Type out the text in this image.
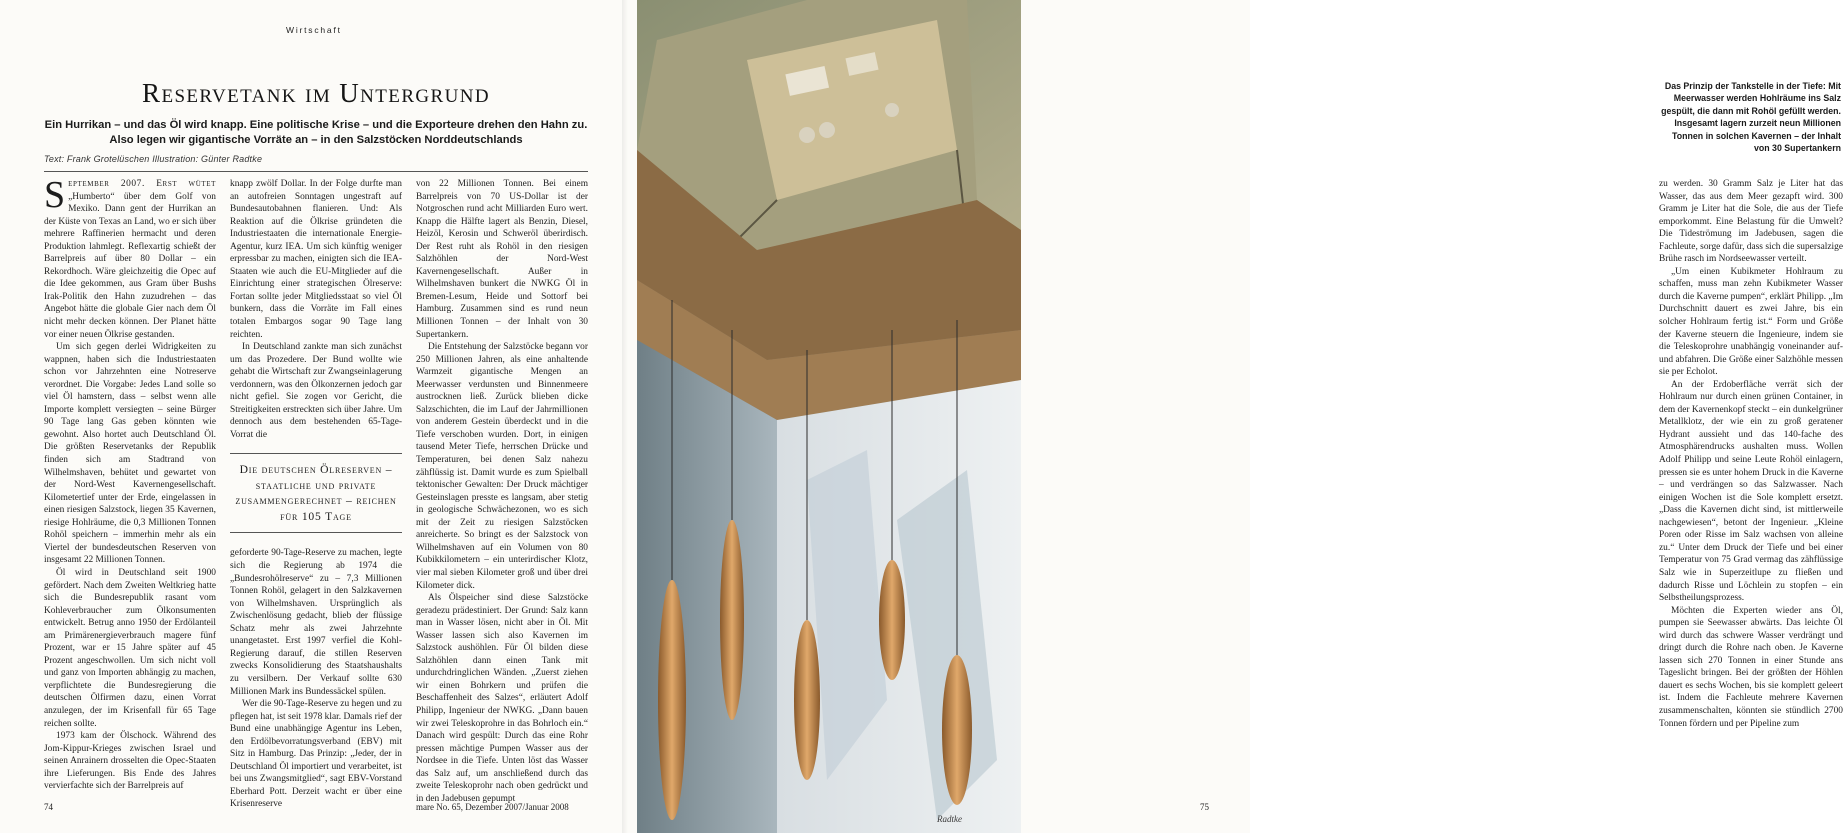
Wirtschaft
Reservetank im Untergrund
Ein Hurrikan – und das Öl wird knapp. Eine politische Krise – und die Exporteure drehen den Hahn zu. Also legen wir gigantische Vorräte an – in den Salzstöcken Norddeutschlands
Text: Frank Grotelüschen Illustration: Günter Radtke

September 2007. Erst wütet „Humberto“ über dem Golf von Mexiko. Dann gent der Hurrikan an der Küste von Texas an Land, wo er sich über mehrere Raffinerien hermacht und deren Produktion lahmlegt. Reflexartig schießt der Barrelpreis auf über 80 Dollar – ein Rekordhoch. Wäre gleichzeitig die Opec auf die Idee gekommen, aus Gram über Bushs Irak-Politik den Hahn zuzudrehen – das Angebot hätte die globale Gier nach dem Öl nicht mehr decken können. Der Planet hätte vor einer neuen Ölkrise gestanden.

Um sich gegen derlei Widrigkeiten zu wappnen, haben sich die Industriestaaten schon vor Jahrzehnten eine Notreserve verordnet. Die Vorgabe: Jedes Land solle so viel Öl hamstern, dass – selbst wenn alle Importe komplett versiegten – seine Bürger 90 Tage lang Gas geben könnten wie gewohnt. Also hortet auch Deutschland Öl. Die größten Reservetanks der Republik finden sich am Stadtrand von Wilhelmshaven, behütet und gewartet von der Nord-West Kavernengesellschaft. Kilometertief unter der Erde, eingelassen in einen riesigen Salzstock, liegen 35 Kavernen, riesige Hohlräume, die 0,3 Millionen Tonnen Rohöl speichern – immerhin mehr als ein Viertel der bundesdeutschen Reserven von insgesamt 22 Millionen Tonnen.

Öl wird in Deutschland seit 1900 gefördert. Nach dem Zweiten Weltkrieg hatte sich die Bundesrepublik rasant vom Kohleverbraucher zum Ölkonsumenten entwickelt. Betrug anno 1950 der Erdölanteil am Primärenergieverbrauch magere fünf Prozent, war er 15 Jahre später auf 45 Prozent angeschwollen. Um sich nicht voll und ganz von Importen abhängig zu machen, verpflichtete die Bundesregierung die deutschen Ölfirmen dazu, einen Vorrat anzulegen, der im Krisenfall für 65 Tage reichen sollte.

1973 kam der Ölschock. Während des Jom-Kippur-Krieges zwischen Israel und seinen Anrainern drosselten die Opec-Staaten ihre Lieferungen. Bis Ende des Jahres vervierfachte sich der Barrelpreis auf

knapp zwölf Dollar. In der Folge durfte man an autofreien Sonntagen ungestraft auf Bundesautobahnen flanieren. Und: Als Reaktion auf die Ölkrise gründeten die Industriestaaten die internationale Energie-Agentur, kurz IEA. Um sich künftig weniger erpressbar zu machen, einigten sich die IEA-Staaten wie auch die EU-Mitglieder auf die Einrichtung einer strategischen Ölreserve: Fortan sollte jeder Mitgliedsstaat so viel Öl bunkern, dass die Vorräte im Fall eines totalen Embargos sogar 90 Tage lang reichten.

In Deutschland zankte man sich zunächst um das Prozedere. Der Bund wollte wie gehabt die Wirtschaft zur Zwangseinlagerung verdonnern, was den Ölkonzernen jedoch gar nicht gefiel. Sie zogen vor Gericht, die Streitigkeiten erstreckten sich über Jahre. Um dennoch aus dem bestehenden 65-Tage-Vorrat die

Die deutschen Ölreserven – staatliche und private zusammengerechnet – reichen für 105 Tage

geforderte 90-Tage-Reserve zu machen, legte sich die Regierung ab 1974 die „Bundesrohölreserve“ zu – 7,3 Millionen Tonnen Rohöl, gelagert in den Salzkavernen von Wilhelmshaven. Ursprünglich als Zwischenlösung gedacht, blieb der flüssige Schatz mehr als zwei Jahrzehnte unangetastet. Erst 1997 verfiel die Kohl-Regierung darauf, die stillen Reserven zwecks Konsolidierung des Staatshaushalts zu versilbern. Der Verkauf sollte 630 Millionen Mark ins Bundessäckel spülen.

Wer die 90-Tage-Reserve zu hegen und zu pflegen hat, ist seit 1978 klar. Damals rief der Bund eine unabhängige Agentur ins Leben, den Erdölbevorratungsverband (EBV) mit Sitz in Hamburg. Das Prinzip: „Jeder, der in Deutschland Öl importiert und verarbeitet, ist bei uns Zwangsmitglied“, sagt EBV-Vorstand Eberhard Pott. Derzeit wacht er über eine Krisenreserve

von 22 Millionen Tonnen. Bei einem Barrelpreis von 70 US-Dollar ist der Notgroschen rund acht Milliarden Euro wert. Knapp die Hälfte lagert als Benzin, Diesel, Heizöl, Kerosin und Schweröl überirdisch. Der Rest ruht als Rohöl in den riesigen Salzhöhlen der Nord-West Kavernengesellschaft. Außer in Wilhelmshaven bunkert die NWKG Öl in Bremen-Lesum, Heide und Sottorf bei Hamburg. Zusammen sind es rund neun Millionen Tonnen – der Inhalt von 30 Supertankern.

Die Entstehung der Salzstöcke begann vor 250 Millionen Jahren, als eine anhaltende Warmzeit gigantische Mengen an Meerwasser verdunsten und Binnenmeere austrocknen ließ. Zurück blieben dicke Salzschichten, die im Lauf der Jahrmillionen von anderem Gestein überdeckt und in die Tiefe verschoben wurden. Dort, in einigen tausend Meter Tiefe, herrschen Drücke und Temperaturen, bei denen Salz nahezu zähflüssig ist. Damit wurde es zum Spielball tektonischer Gewalten: Der Druck mächtiger Gesteinslagen presste es langsam, aber stetig in geologische Schwächezonen, wo es sich mit der Zeit zu riesigen Salzstöcken anreicherte. So bringt es der Salzstock von Wilhelmshaven auf ein Volumen von 80 Kubikkilometern – ein unterirdischer Klotz, vier mal sieben Kilometer groß und über drei Kilometer dick.

Als Ölspeicher sind diese Salzstöcke geradezu prädestiniert. Der Grund: Salz kann man in Wasser lösen, nicht aber in Öl. Mit Wasser lassen sich also Kavernen im Salzstock aushöhlen. Für Öl bilden diese Salzhöhlen dann einen Tank mit undurchdringlichen Wänden. „Zuerst ziehen wir einen Bohrkern und prüfen die Beschaffenheit des Salzes“, erläutert Adolf Philipp, Ingenieur der NWKG. „Dann bauen wir zwei Teleskoprohre in das Bohrloch ein.“ Danach wird gespült: Durch das eine Rohr pressen mächtige Pumpen Wasser aus der Nordsee in die Tiefe. Unten löst das Wasser das Salz auf, um anschließend durch das zweite Teleskoprohr nach oben gedrückt und in den Jadebusen gepumpt

74	mare No. 65, Dezember 2007/Januar 2008
Radtke
Das Prinzip der Tankstelle in der Tiefe: Mit Meerwasser werden Hohlräume ins Salz gespült, die dann mit Rohöl gefüllt werden. Insgesamt lagern zurzeit neun Millionen Tonnen in solchen Kavernen – der Inhalt von 30 Supertankern

zu werden. 30 Gramm Salz je Liter hat das Wasser, das aus dem Meer gezapft wird. 300 Gramm je Liter hat die Sole, die aus der Tiefe emporkommt. Eine Belastung für die Umwelt? Die Tideströmung im Jadebusen, sagen die Fachleute, sorge dafür, dass sich die supersalzige Brühe rasch im Nordseewasser verteilt.

„Um einen Kubikmeter Hohlraum zu schaffen, muss man zehn Kubikmeter Wasser durch die Kaverne pumpen“, erklärt Philipp. „Im Durchschnitt dauert es zwei Jahre, bis ein solcher Hohlraum fertig ist.“ Form und Größe der Kaverne steuern die Ingenieure, indem sie die Teleskoprohre unabhängig voneinander auf- und abfahren. Die Größe einer Salzhöhle messen sie per Echolot.

An der Erdoberfläche verrät sich der Hohlraum nur durch einen grünen Container, in dem der Kavernenkopf steckt – ein dunkelgrüner Metallklotz, der wie ein zu groß geratener Hydrant aussieht und das 140-fache des Atmosphärendrucks aushalten muss. Wollen Adolf Philipp und seine Leute Rohöl einlagern, pressen sie es unter hohem Druck in die Kaverne – und verdrängen so das Salzwasser. Nach einigen Wochen ist die Sole komplett ersetzt. „Dass die Kavernen dicht sind, ist mittlerweile nachgewiesen“, betont der Ingenieur. „Kleine Poren oder Risse im Salz wachsen von alleine zu.“ Unter dem Druck der Tiefe und bei einer Temperatur von 75 Grad vermag das zähflüssige Salz wie in Superzeitlupe zu fließen und dadurch Risse und Löchlein zu stopfen – ein Selbstheilungsprozess.

Möchten die Experten wieder ans Öl, pumpen sie Seewasser abwärts. Das leichte Öl wird durch das schwere Wasser verdrängt und dringt durch die Rohre nach oben. Je Kaverne lassen sich 270 Tonnen in einer Stunde ans Tageslicht bringen. Bei der größten der Höhlen dauert es sechs Wochen, bis sie komplett geleert ist. Indem die Fachleute mehrere Kavernen zusammenschalten, könnten sie stündlich 2700 Tonnen fördern und per Pipeline zum

75
